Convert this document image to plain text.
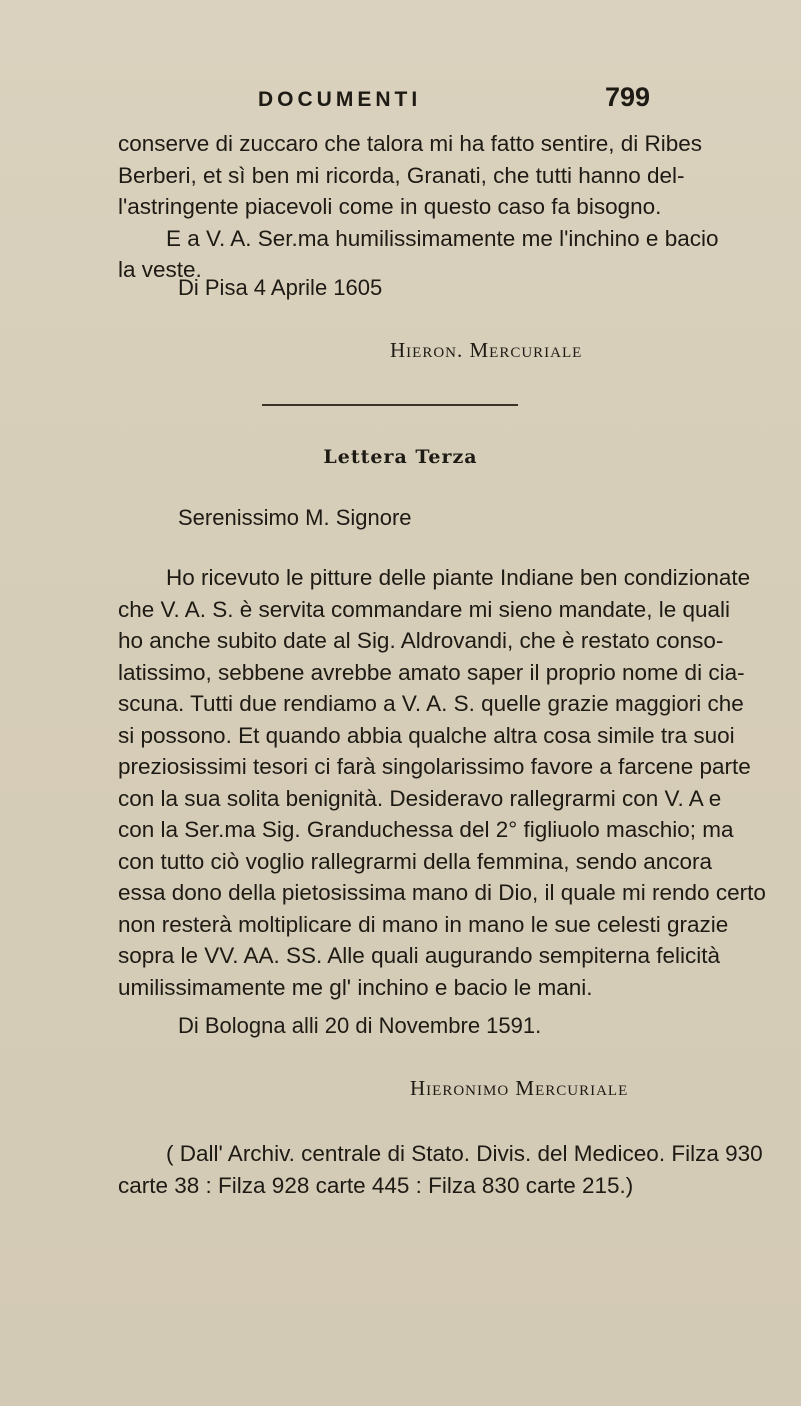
DOCUMENTI	799
conserve di zuccaro che talora mi ha fatto sentire, di Ribes
Berberi, et sì ben mi ricorda, Granati, che tutti hanno del-
l'astringente piacevoli come in questo caso fa bisogno.
E a V. A. Ser.ma humilissimamente me l'inchino e bacio
la veste.
Di Pisa 4 Aprile 1605
Hieron. Mercuriale
Lettera Terza
Serenissimo M. Signore
Ho ricevuto le pitture delle piante Indiane ben condizionate
che V. A. S. è servita commandare mi sieno mandate, le quali
ho anche subito date al Sig. Aldrovandi, che è restato conso-
latissimo, sebbene avrebbe amato saper il proprio nome di cia-
scuna. Tutti due rendiamo a V. A. S. quelle grazie maggiori che
si possono. Et quando abbia qualche altra cosa simile tra suoi
preziosissimi tesori ci farà singolarissimo favore a farcene parte
con la sua solita benignità. Desideravo rallegrarmi con V. A e
con la Ser.ma Sig. Granduchessa del 2° figliuolo maschio; ma
con tutto ciò voglio rallegrarmi della femmina, sendo ancora
essa dono della pietosissima mano di Dio, il quale mi rendo certo
non resterà moltiplicare di mano in mano le sue celesti grazie
sopra le VV. AA. SS. Alle quali augurando sempiterna felicità
umilissimamente me gl' inchino e bacio le mani.
Di Bologna alli 20 di Novembre 1591.
Hieronimo Mercuriale
( Dall' Archiv. centrale di Stato. Divis. del Mediceo. Filza 930
carte 38 : Filza 928 carte 445 : Filza 830 carte 215.)
